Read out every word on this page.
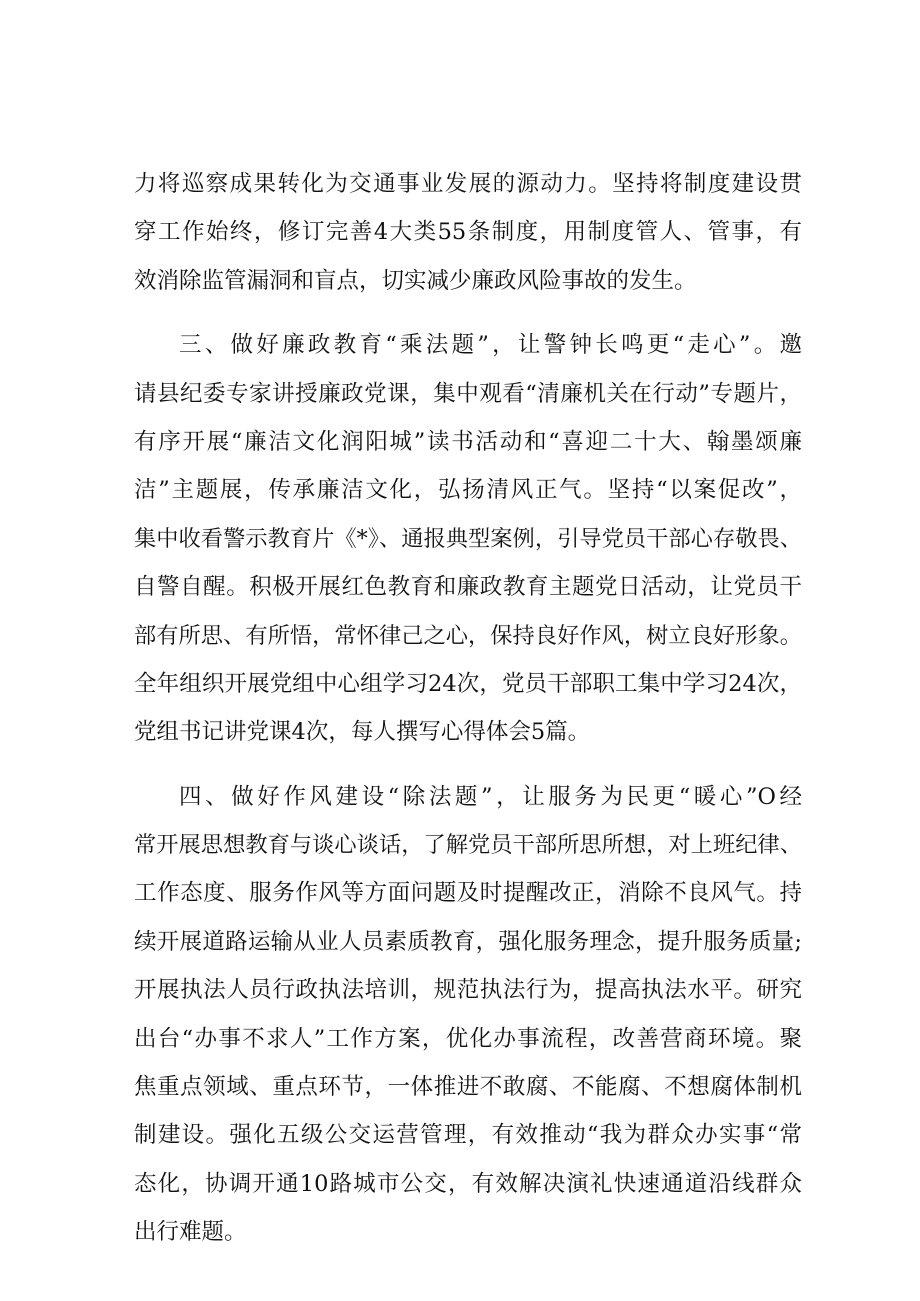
力将巡察成果转化为交通事业发展的源动力。坚持将制度建设贯
穿工作始终，修订完善4大类55条制度，用制度管人、管事，有
效消除监管漏洞和盲点，切实减少廉政风险事故的发生。
三、做好廉政教育“乘法题”，让警钟长鸣更“走心”。邀
请县纪委专家讲授廉政党课，集中观看“清廉机关在行动”专题片，
有序开展“廉洁文化润阳城”读书活动和“喜迎二十大、翰墨颂廉
洁”主题展，传承廉洁文化，弘扬清风正气。坚持“以案促改”，
集中收看警示教育片《*》、通报典型案例，引导党员干部心存敬畏、
自警自醒。积极开展红色教育和廉政教育主题党日活动，让党员干
部有所思、有所悟，常怀律己之心，保持良好作风，树立良好形象。
全年组织开展党组中心组学习24次，党员干部职工集中学习24次，
党组书记讲党课4次，每人撰写心得体会5篇。
四、做好作风建设“除法题”，让服务为民更“暖心”O经
常开展思想教育与谈心谈话，了解党员干部所思所想，对上班纪律、
工作态度、服务作风等方面问题及时提醒改正，消除不良风气。持
续开展道路运输从业人员素质教育，强化服务理念，提升服务质量;
开展执法人员行政执法培训，规范执法行为，提高执法水平。研究
出台“办事不求人”工作方案，优化办事流程，改善营商环境。聚
焦重点领域、重点环节，一体推进不敢腐、不能腐、不想腐体制机
制建设。强化五级公交运营管理，有效推动“我为群众办实事“常
态化，协调开通10路城市公交，有效解决演礼快速通道沿线群众
出行难题。
